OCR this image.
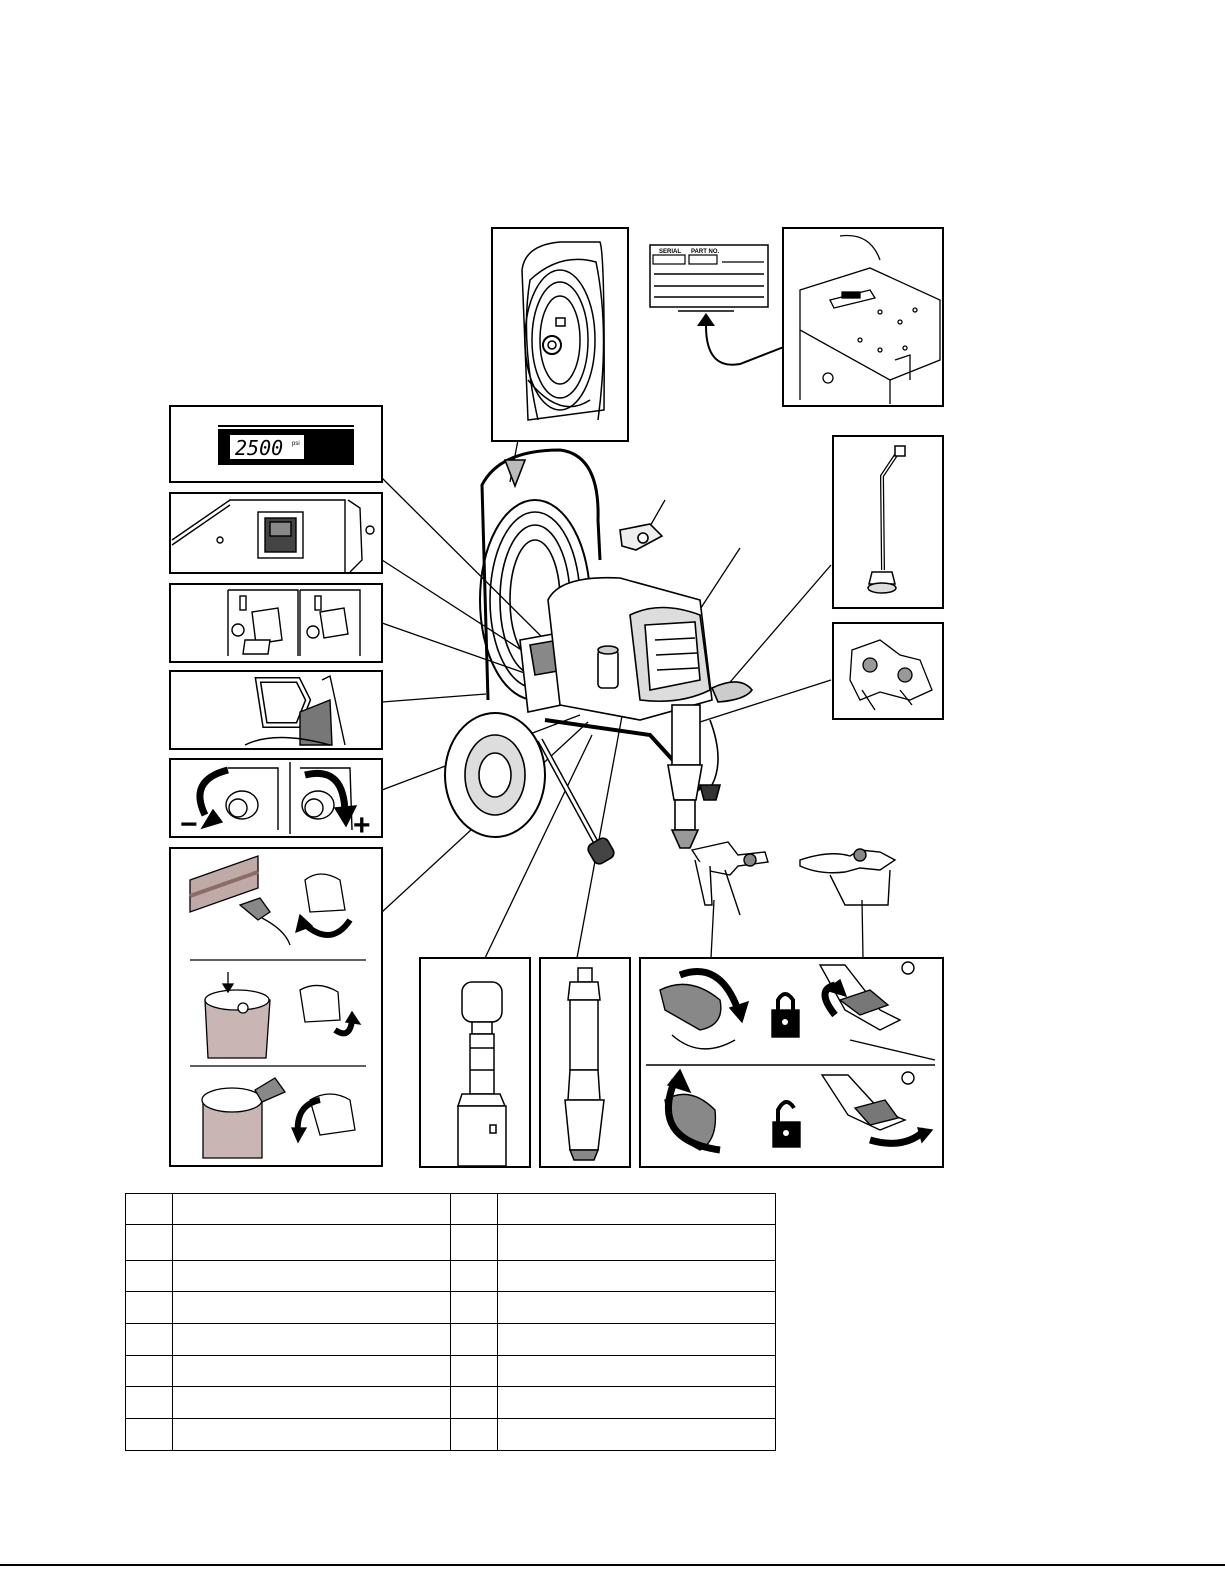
SERIAL PART NO.
2500 psi
−	+
